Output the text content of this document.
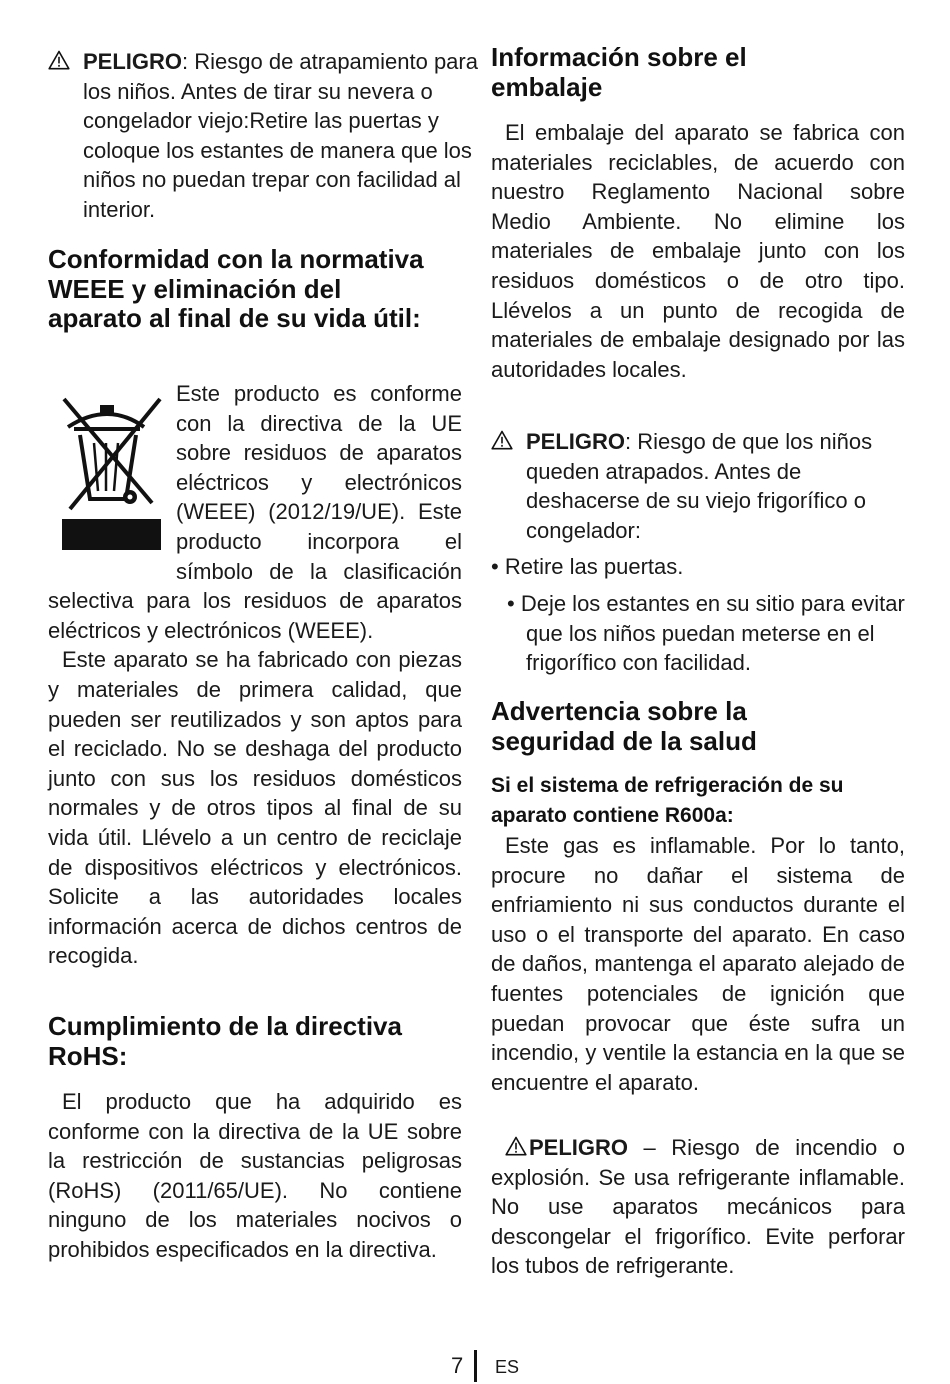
PELIGRO: Riesgo de atrapamiento para los niños. Antes de tirar su nevera o congelador viejo:Retire las puertas y coloque los estantes de manera que los niños no puedan trepar con facilidad al interior.

Conformidad con la normativa WEEE y eliminación del aparato al final de su vida útil:

Este producto es conforme con la directiva de la UE sobre residuos de aparatos eléctricos y electrónicos (WEEE) (2012/19/UE). Este producto incorpora el símbolo de la clasificación selectiva para los residuos de aparatos eléctricos y electrónicos (WEEE).

Este aparato se ha fabricado con piezas y materiales de primera calidad, que pueden ser reutilizados y son aptos para el reciclado. No se deshaga del producto junto con sus los residuos domésticos normales y de otros tipos al final de su vida útil. Llévelo a un centro de reciclaje de dispositivos eléctricos y electrónicos. Solicite a las autoridades locales información acerca de dichos centros de recogida.

Cumplimiento de la directiva RoHS:

El producto que ha adquirido es conforme con la directiva de la UE sobre la restricción de sustancias peligrosas (RoHS) (2011/65/UE). No contiene ninguno de los materiales nocivos o prohibidos especificados en la directiva.

Información sobre el embalaje

El embalaje del aparato se fabrica con materiales reciclables, de acuerdo con nuestro Reglamento Nacional sobre Medio Ambiente. No elimine los materiales de embalaje junto con los residuos domésticos o de otro tipo. Llévelos a un punto de recogida de materiales de embalaje designado por las autoridades locales.

PELIGRO: Riesgo de que los niños queden atrapados. Antes de deshacerse de su viejo frigorífico o congelador:

• Retire las puertas.

• Deje los estantes en su sitio para evitar que los niños puedan meterse en el frigorífico con facilidad.

Advertencia sobre la seguridad de la salud
Si el sistema de refrigeración de su aparato contiene R600a:

Este gas es inflamable. Por lo tanto, procure no dañar el sistema de enfriamiento ni sus conductos durante el uso o el transporte del aparato. En caso de daños, mantenga el aparato alejado de fuentes potenciales de ignición que puedan provocar que éste sufra un incendio, y ventile la estancia en la que se encuentre el aparato.

PELIGRO – Riesgo de incendio o explosión. Se usa refrigerante inflamable. No use aparatos mecánicos para descongelar el frigorífico. Evite perforar los tubos de refrigerante.

7 ES
